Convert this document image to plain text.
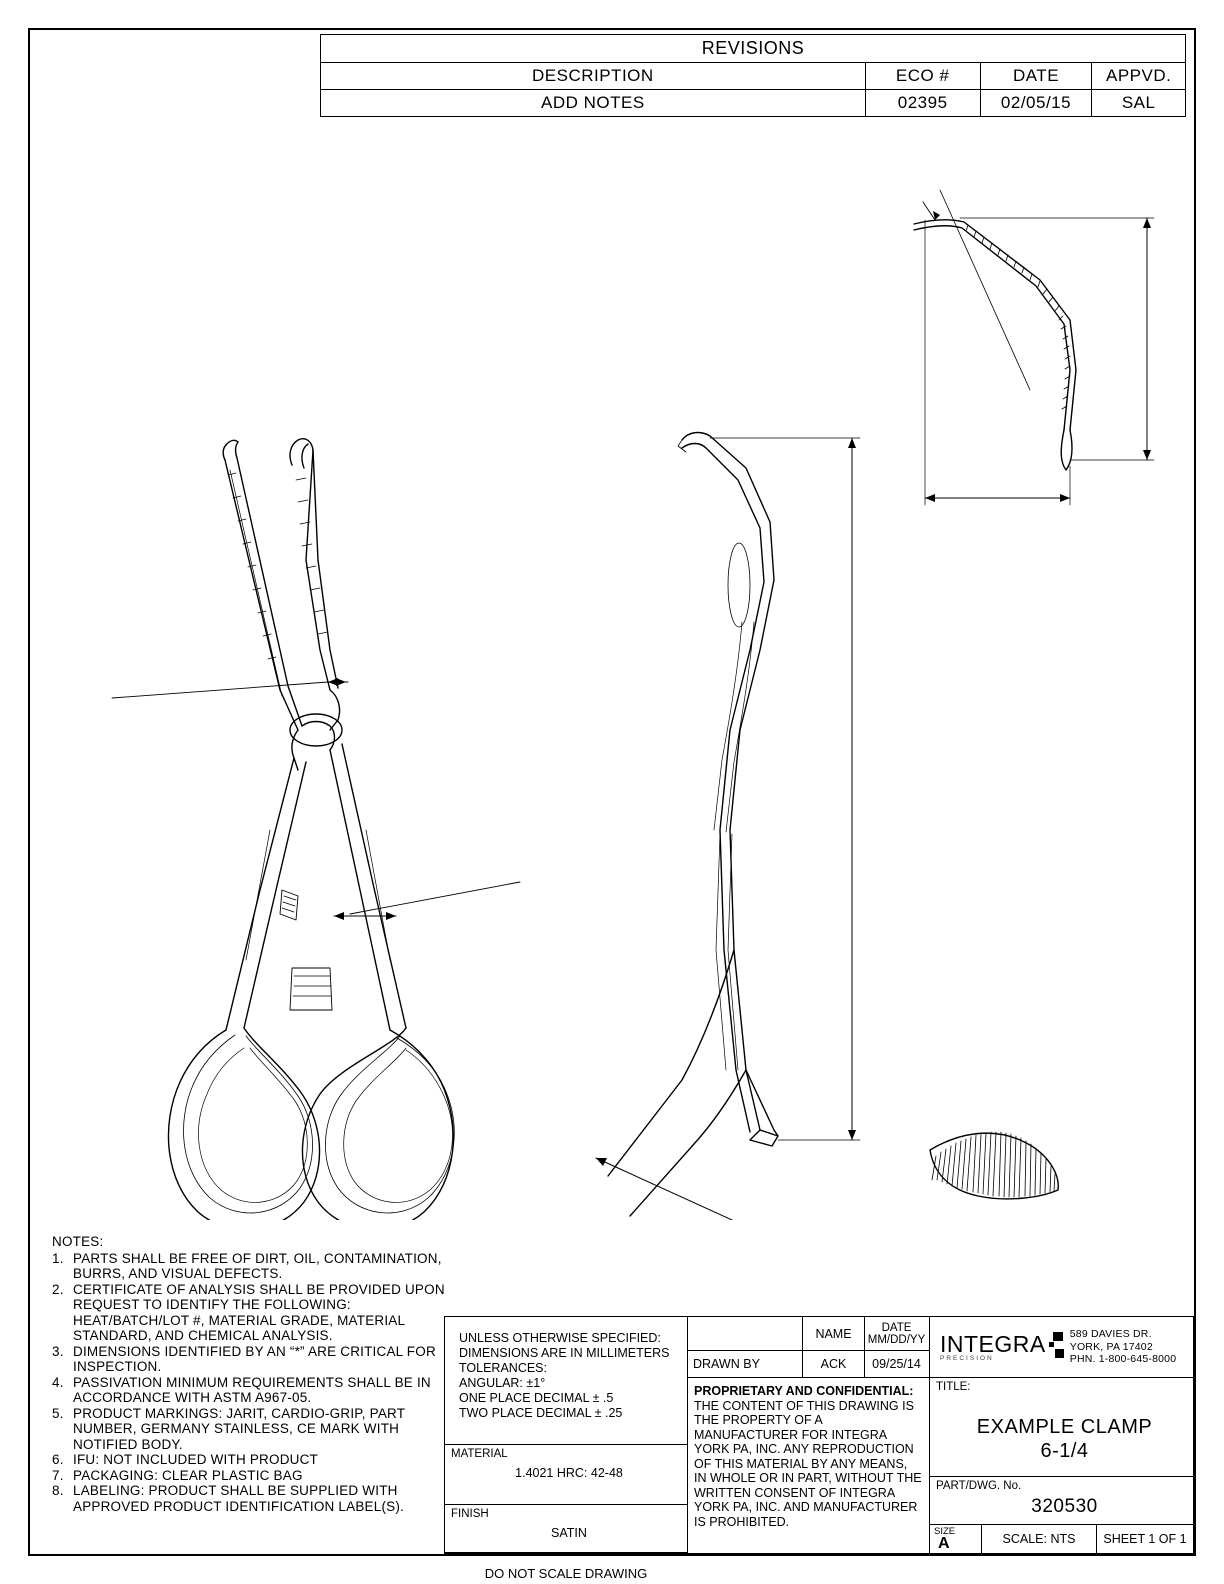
REVISIONS			
DESCRIPTION	ECO #	DATE	APPVD.
ADD NOTES	02395	02/05/15	SAL
NOTES:
1. PARTS SHALL BE FREE OF DIRT, OIL, CONTAMINATION, BURRS, AND VISUAL DEFECTS.
2. CERTIFICATE OF ANALYSIS SHALL BE PROVIDED UPON REQUEST TO IDENTIFY THE FOLLOWING: HEAT/BATCH/LOT #, MATERIAL GRADE, MATERIAL STANDARD, AND CHEMICAL ANALYSIS.
3. DIMENSIONS IDENTIFIED BY AN “*” ARE CRITICAL FOR INSPECTION.
4. PASSIVATION MINIMUM REQUIREMENTS SHALL BE IN ACCORDANCE WITH ASTM A967-05.
5. PRODUCT MARKINGS: JARIT, CARDIO-GRIP, PART NUMBER, GERMANY STAINLESS, CE MARK WITH NOTIFIED BODY.
6. IFU: NOT INCLUDED WITH PRODUCT
7. PACKAGING: CLEAR PLASTIC BAG
8. LABELING: PRODUCT SHALL BE SUPPLIED WITH APPROVED PRODUCT IDENTIFICATION LABEL(S).
UNLESS OTHERWISE SPECIFIED:
DIMENSIONS ARE IN MILLIMETERS
TOLERANCES:
ANGULAR: ±1°
ONE PLACE DECIMAL ± .5
TWO PLACE DECIMAL ± .25
MATERIAL
1.4021 HRC: 42-48
FINISH
SATIN
DO NOT SCALE DRAWING
NAME	DATE
MM/DD/YY
DRAWN BY	ACK	09/25/14
PROPRIETARY AND CONFIDENTIAL: THE CONTENT OF THIS DRAWING IS THE PROPERTY OF A MANUFACTURER FOR INTEGRA YORK PA, INC. ANY REPRODUCTION OF THIS MATERIAL BY ANY MEANS, IN WHOLE OR IN PART, WITHOUT THE WRITTEN CONSENT OF INTEGRA YORK PA, INC. AND MANUFACTURER IS PROHIBITED.
INTEGRA
PRECISION
589 DAVIES DR.
YORK, PA 17402
PHN. 1-800-645-8000
TITLE:
EXAMPLE CLAMP
6-1/4
PART/DWG. No.
320530
SIZE
A	SCALE: NTS	SHEET 1 OF 1
